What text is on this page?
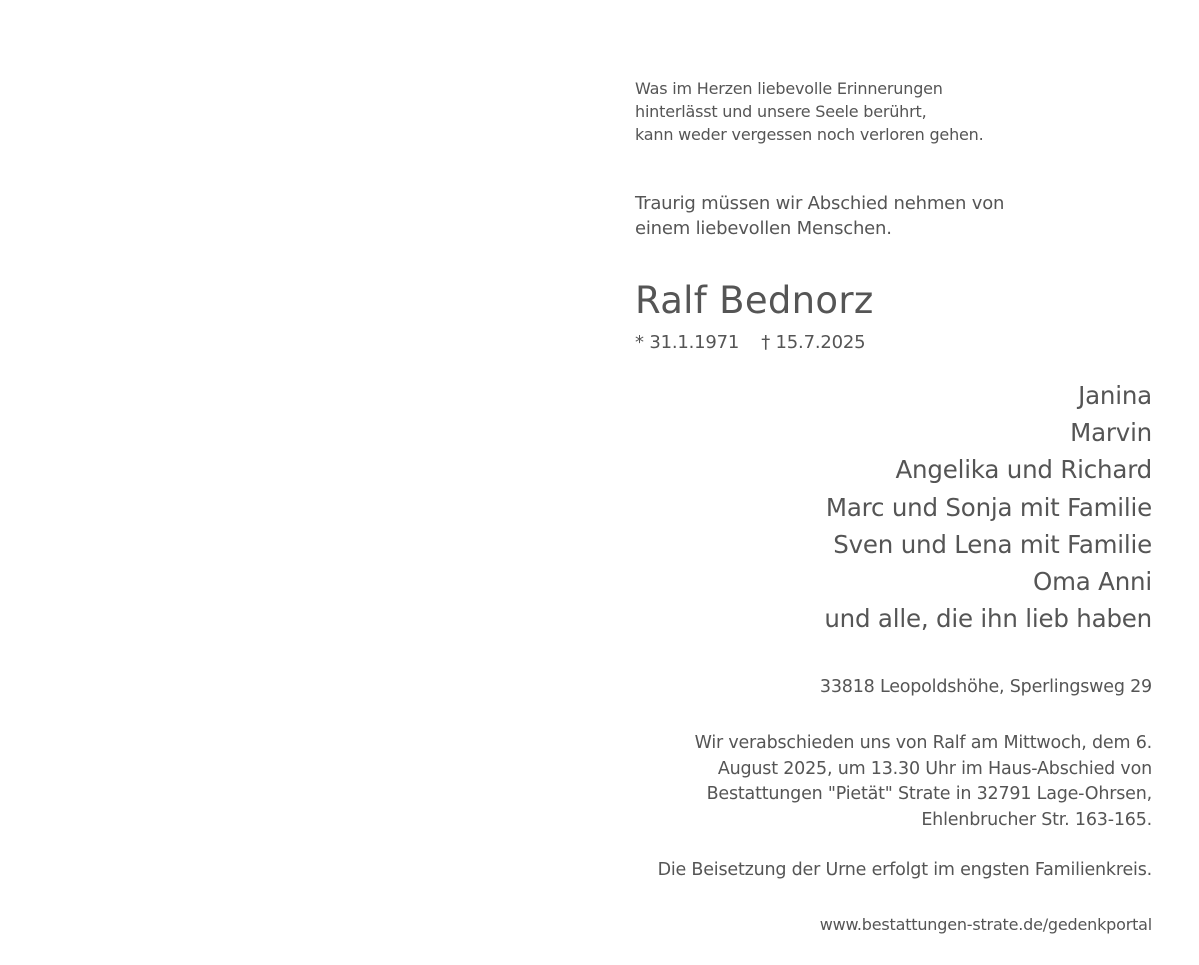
Was im Herzen liebevolle Erinnerungen
hinterlässt und unsere Seele berührt,
kann weder vergessen noch verloren gehen.
Traurig müssen wir Abschied nehmen von
einem liebevollen Menschen.
Ralf Bednorz
* 31.1.1971    † 15.7.2025
Janina
Marvin
Angelika und Richard
Marc und Sonja mit Familie
Sven und Lena mit Familie
Oma Anni
und alle, die ihn lieb haben
33818 Leopoldshöhe, Sperlingsweg 29
Wir verabschieden uns von Ralf am Mittwoch, dem 6.
August 2025, um 13.30 Uhr im Haus-Abschied von
Bestattungen "Pietät" Strate in 32791 Lage-Ohrsen,
Ehlenbrucher Str. 163-165.
Die Beisetzung der Urne erfolgt im engsten Familienkreis.
www.bestattungen-strate.de/gedenkportal
